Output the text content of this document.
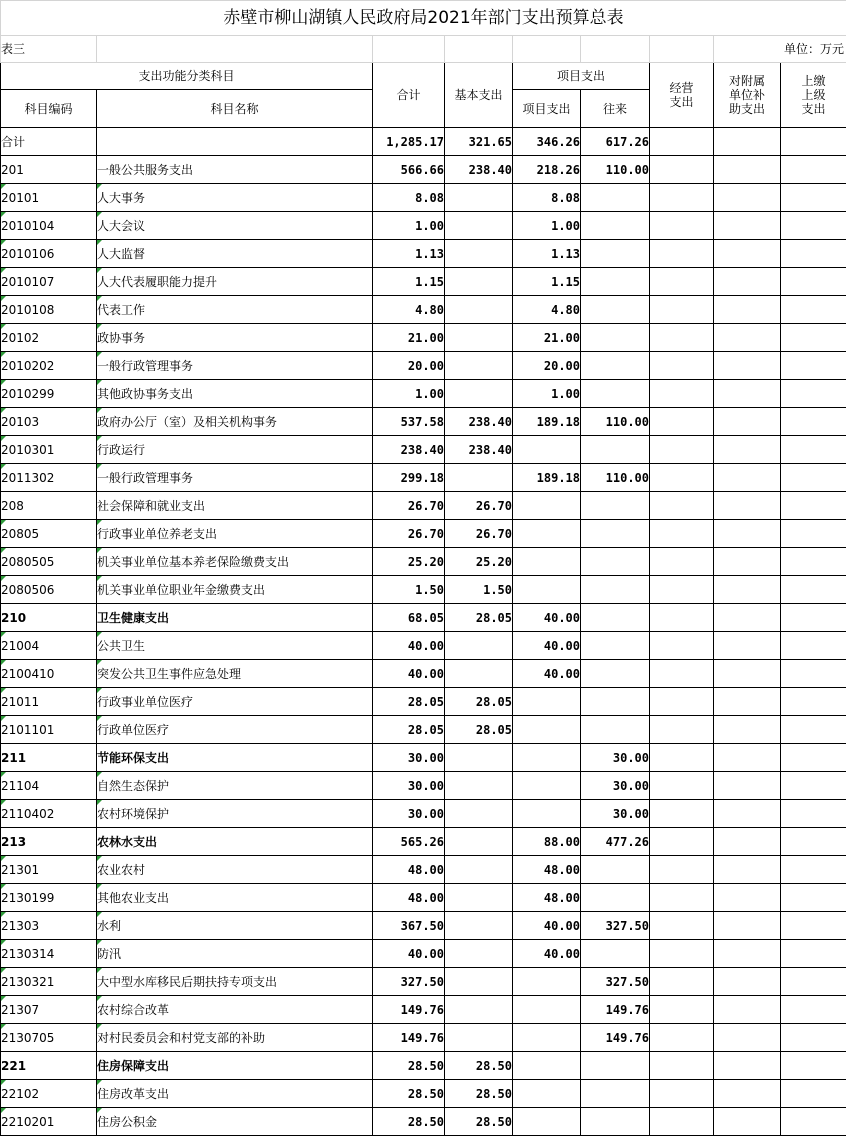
赤壁市柳山湖镇人民政府局2021年部门支出预算总表								
表三							单位：万元	
支出功能分类科目		合计	基本支出	项目支出		经营支出	对附属单位补助支出	上缴上级支出

科目编码	科目名称			项目支出	往来			
合计		1,285.17	321.65	346.26	617.26			
201	一般公共服务支出	566.66	238.40	218.26	110.00			
20101	人大事务	8.08		8.08				
2010104	人大会议	1.00		1.00				
2010106	人大监督	1.13		1.13				
2010107	人大代表履职能力提升	1.15		1.15				
2010108	代表工作	4.80		4.80				
20102	政协事务	21.00		21.00				
2010202	一般行政管理事务	20.00		20.00				
2010299	其他政协事务支出	1.00		1.00				
20103	政府办公厅（室）及相关机构事务	537.58	238.40	189.18	110.00			
2010301	行政运行	238.40	238.40					
2011302	一般行政管理事务	299.18		189.18	110.00			
208	社会保障和就业支出	26.70	26.70					
20805	行政事业单位养老支出	26.70	26.70					
2080505	机关事业单位基本养老保险缴费支出	25.20	25.20					
2080506	机关事业单位职业年金缴费支出	1.50	1.50					
210	卫生健康支出	68.05	28.05	40.00				
21004	公共卫生	40.00		40.00				
2100410	突发公共卫生事件应急处理	40.00		40.00				
21011	行政事业单位医疗	28.05	28.05					
2101101	行政单位医疗	28.05	28.05					
211	节能环保支出	30.00			30.00			
21104	自然生态保护	30.00			30.00			
2110402	农村环境保护	30.00			30.00			
213	农林水支出	565.26		88.00	477.26			
21301	农业农村	48.00		48.00				
2130199	其他农业支出	48.00		48.00				
21303	水利	367.50		40.00	327.50			
2130314	防汛	40.00		40.00				
2130321	大中型水库移民后期扶持专项支出	327.50			327.50			
21307	农村综合改革	149.76			149.76			
2130705	对村民委员会和村党支部的补助	149.76			149.76			
221	住房保障支出	28.50	28.50					
22102	住房改革支出	28.50	28.50					
2210201	住房公积金	28.50	28.50					
